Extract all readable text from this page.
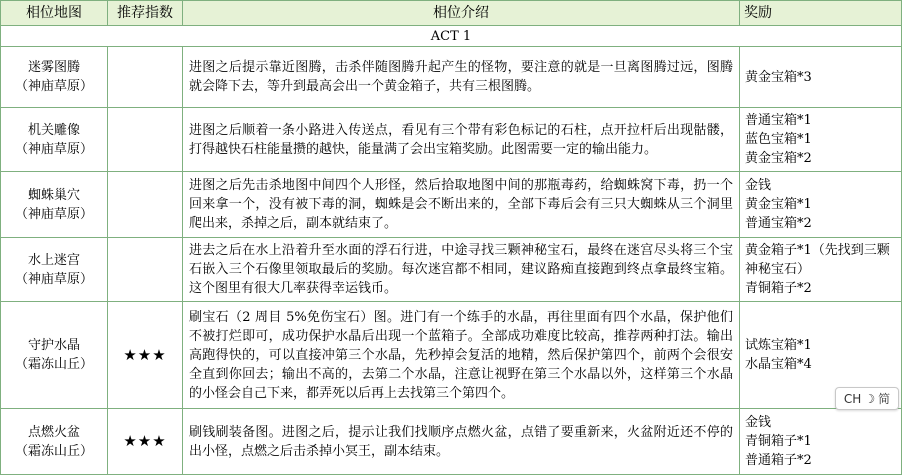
相位地图	推荐指数	相位介绍	奖励
ACT 1			

迷雾图腾
（神庙草原）		进图之后提示靠近图腾，击杀伴随图腾升起产生的怪物，要注意的就是一旦离图腾过远，图腾就会降下去，等升到最高会出一个黄金箱子，共有三根图腾。	黄金宝箱*3

机关雕像
（神庙草原）		进图之后顺着一条小路进入传送点，看见有三个带有彩色标记的石柱，点开拉杆后出现骷髅，打得越快石柱能量攒的越快，能量满了会出宝箱奖励。此图需要一定的输出能力。	普通宝箱*1
蓝色宝箱*1
黄金宝箱*2

蜘蛛巢穴
（神庙草原）		进图之后先击杀地图中间四个人形怪，然后拾取地图中间的那瓶毒药，给蜘蛛窝下毒，扔一个回来拿一个，没有被下毒的洞，蜘蛛是会不断出来的，全部下毒后会有三只大蜘蛛从三个洞里爬出来，杀掉之后，副本就结束了。	金钱
黄金宝箱*1
普通宝箱*2

水上迷宫
（神庙草原）		进去之后在水上沿着升至水面的浮石行进，中途寻找三颗神秘宝石，最终在迷宫尽头将三个宝石嵌入三个石像里领取最后的奖励。每次迷宫都不相同，建议路痴直接跑到终点拿最终宝箱。这个图里有很大几率获得幸运钱币。	黄金箱子*1（先找到三颗神秘宝石）
青铜箱子*2

守护水晶
（霜冻山丘）	★★★	刷宝石（2 周目 5%免伤宝石）图。进门有一个练手的水晶，再往里面有四个水晶，保护他们不被打烂即可，成功保护水晶后出现一个蓝箱子。全部成功难度比较高，推荐两种打法。输出高跑得快的，可以直接冲第三个水晶，先秒掉会复活的地精，然后保护第四个，前两个会很安全直到你回去；输出不高的，去第二个水晶，注意让视野在第三个水晶以外，这样第三个水晶的小怪会自己下来，都弄死以后再上去找第三个第四个。	试炼宝箱*1
水晶宝箱*4

点燃火盆
（霜冻山丘）	★★★	刷钱刷装备图。进图之后，提示让我们找顺序点燃火盆，点错了要重新来，火盆附近还不停的出小怪，点燃之后击杀掉小冥王，副本结束。	金钱
青铜箱子*1
普通箱子*2
CH ☽ 简
